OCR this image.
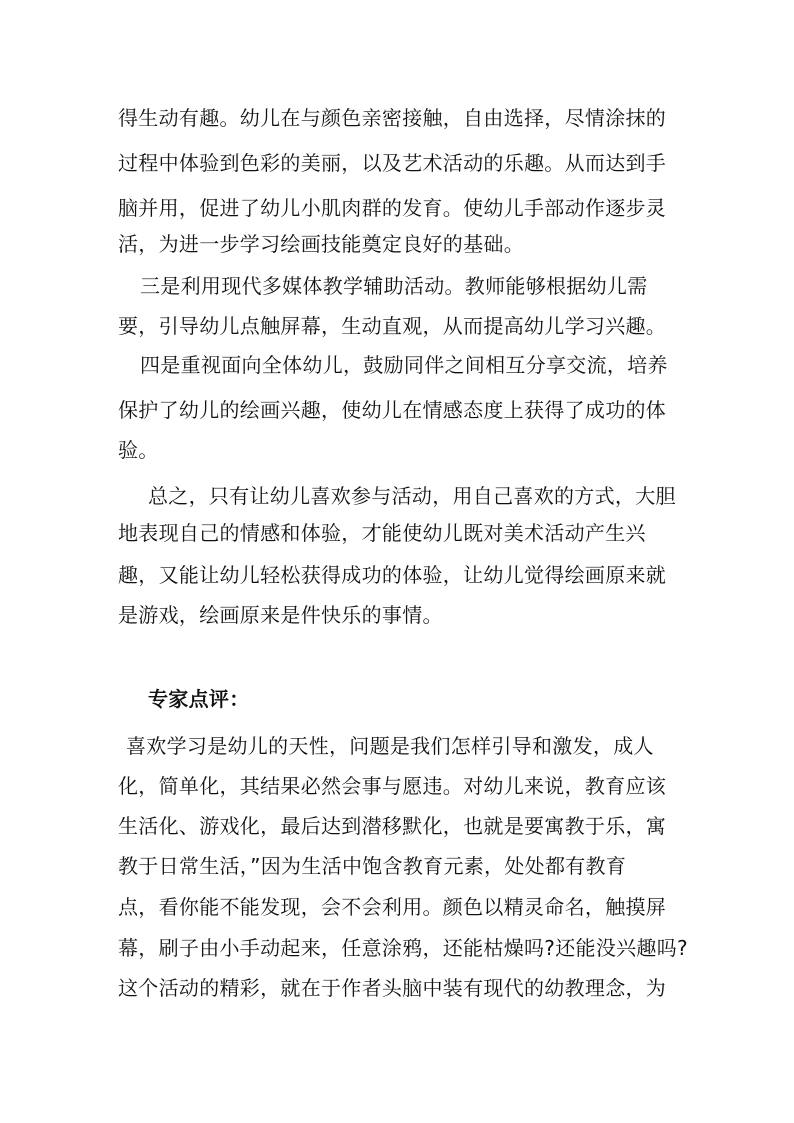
得生动有趣。幼儿在与颜色亲密接触，自由选择，尽情涂抹的
过程中体验到色彩的美丽，以及艺术活动的乐趣。从而达到手
脑并用，促进了幼儿小肌肉群的发育。使幼儿手部动作逐步灵
活，为进一步学习绘画技能奠定良好的基础。
三是利用现代多媒体教学辅助活动。教师能够根据幼儿需
要，引导幼儿点触屏幕，生动直观，从而提高幼儿学习兴趣。
四是重视面向全体幼儿，鼓励同伴之间相互分享交流，培养
保护了幼儿的绘画兴趣，使幼儿在情感态度上获得了成功的体
验。
总之，只有让幼儿喜欢参与活动，用自己喜欢的方式，大胆
地表现自己的情感和体验，才能使幼儿既对美术活动产生兴
趣，又能让幼儿轻松获得成功的体验，让幼儿觉得绘画原来就
是游戏，绘画原来是件快乐的事情。
专家点评：
喜欢学习是幼儿的天性，问题是我们怎样引导和激发，成人
化，简单化，其结果必然会事与愿违。对幼儿来说，教育应该
生活化、游戏化，最后达到潜移默化，也就是要寓教于乐，寓
教于日常生活，”因为生活中饱含教育元素，处处都有教育
点，看你能不能发现，会不会利用。颜色以精灵命名，触摸屏
幕，刷子由小手动起来，任意涂鸦，还能枯燥吗?还能没兴趣吗?
这个活动的精彩，就在于作者头脑中装有现代的幼教理念，为
